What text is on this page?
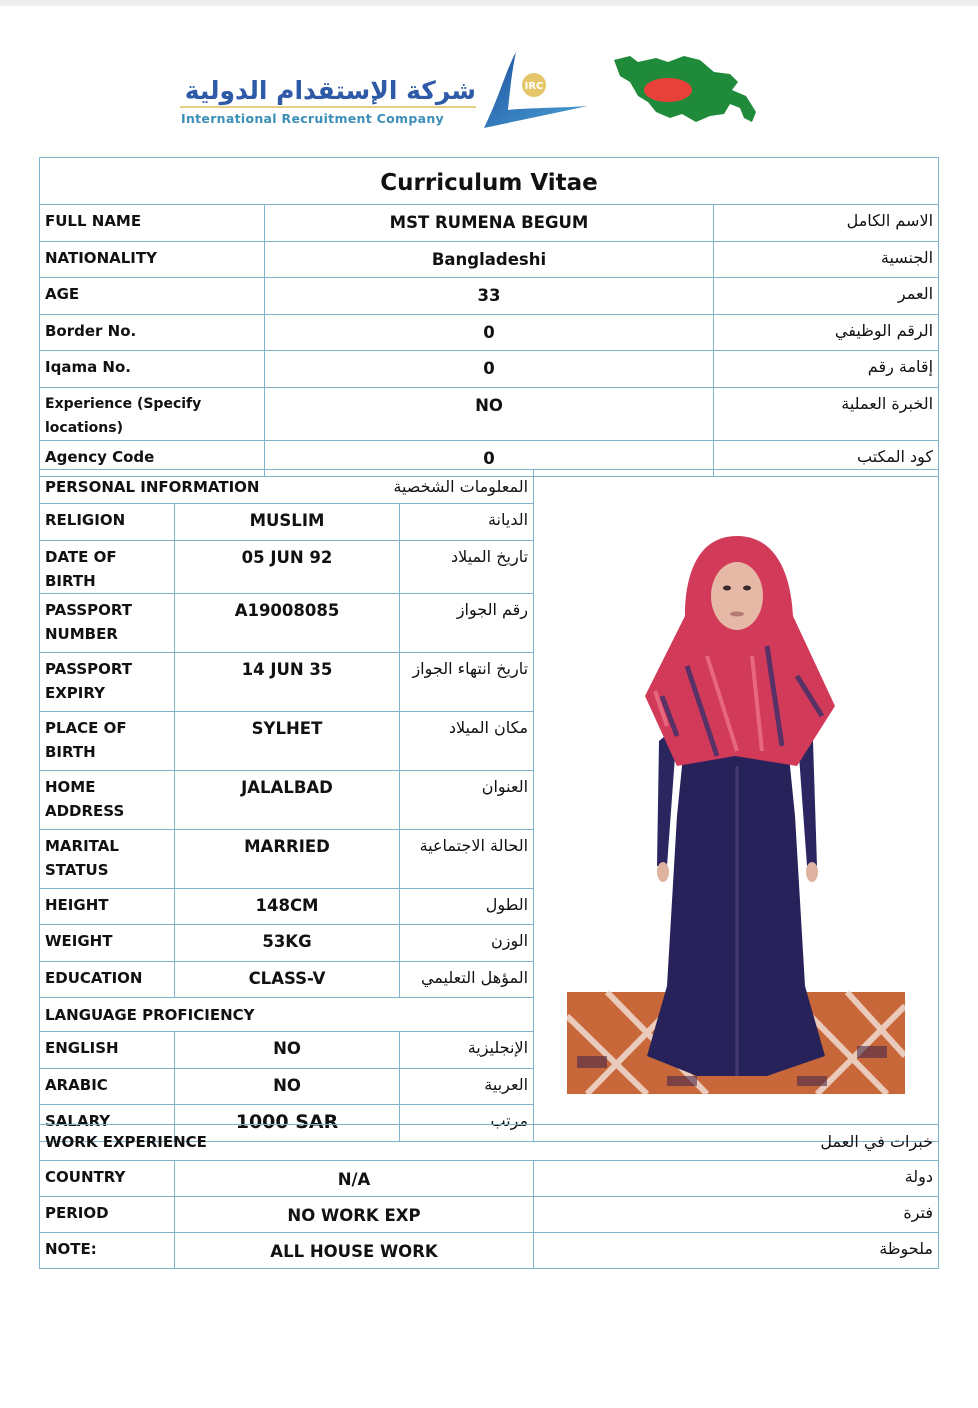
شركة الإستقدام الدولية
International Recruitment Company
IRC
Curriculum Vitae		
FULL NAME	MST RUMENA BEGUM	الاسم الكامل
NATIONALITY	Bangladeshi	الجنسية
AGE	33	العمر
Border No.	0	الرقم الوظيفي
Iqama No.	0	إقامة رقم
Experience (Specify locations)	NO	الخبرة العملية
Agency Code	0	كود المكتب
PERSONAL INFORMATION المعلومات الشخصية

RELIGION	MUSLIM	الديانة	
DATE OF BIRTH	05 JUN 92	تاريخ الميلاد	
PASSPORT NUMBER	A19008085	رقم الجواز	
PASSPORT EXPIRY	14 JUN 35	تاريخ انتهاء الجواز	
PLACE OF BIRTH	SYLHET	مكان الميلاد	
HOME ADDRESS	JALALBAD	العنوان	
MARITAL STATUS	MARRIED	الحالة الاجتماعية	
HEIGHT	148CM	الطول	
WEIGHT	53KG	الوزن	
EDUCATION	CLASS-V	المؤهل التعليمي	
LANGUAGE PROFICIENCY			
ENGLISH	NO	الإنجليزية	
ARABIC	NO	العربية	
SALARY	1000 SAR	مرتب	
WORK EXPERIENCE خبرات في العمل		

COUNTRY	N/A	دولة
PERIOD	NO WORK EXP	فترة
NOTE:	ALL HOUSE WORK	ملحوظة
